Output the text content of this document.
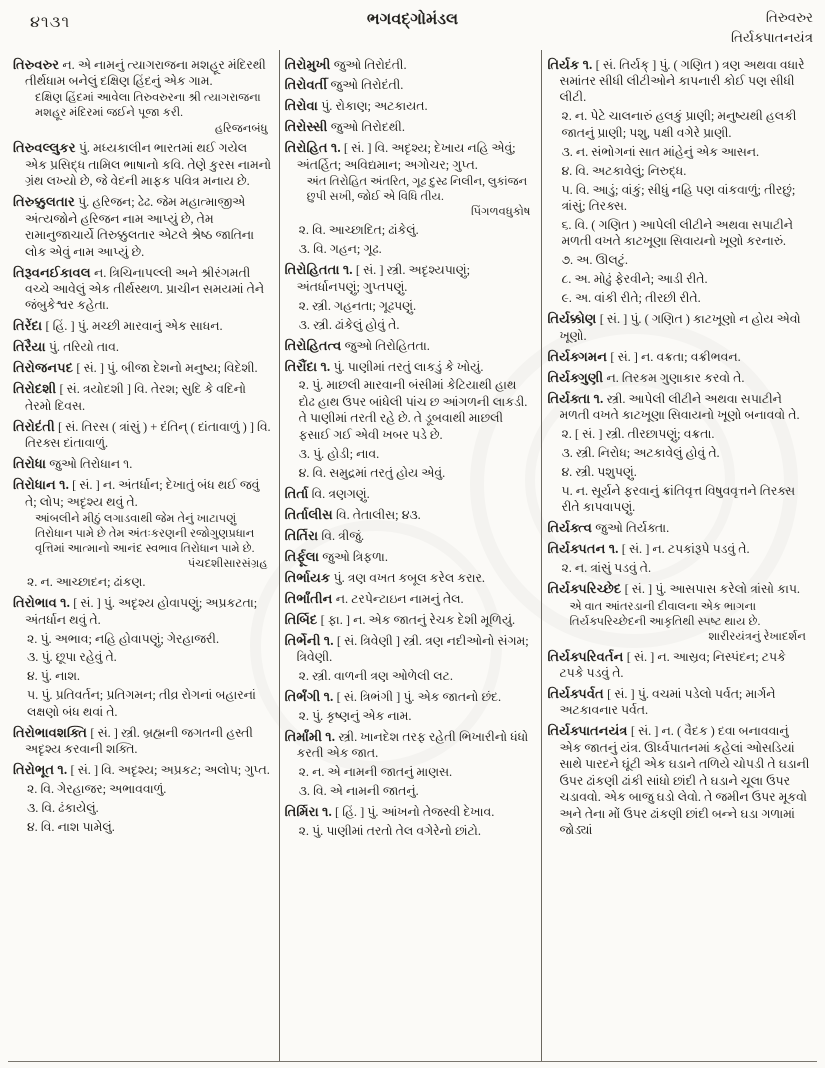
૪૧૩૧	ભગવદ્ગોમંડલ	તિરુવરુર
તિર્યક્પાતનયંત્ર

તિરુવરુર ન. એ નામનું ત્યાગરાજના મશહૂર મંદિરથી તીર્થધામ બનેલું દક્ષિણ હિંદનું એક ગામ.

દક્ષિણ હિંદમાં આવેલા તિરુવરુરના શ્રી ત્યાગરાજના મશહૂર મંદિરમાં જઈને પૂજા કરી.

હરિજનબંધુ

તિરુવલ્લુકર પું. મધ્યકાલીન ભારતમાં થઈ ગયેલ એક પ્રસિદ્ધ તામિલ ભાષાનો કવિ. તેણે કુરસ નામનો ગ્રંથ લખ્યો છે, જે વેદની માફક પવિત્ર મનાય છે.

તિરુક્કુલતાર પું. હરિજન; ઢેઢ. જેમ મહાત્માજીએ અંત્યજોને હરિજન નામ આપ્યું છે, તેમ રામાનુજાચાર્યે તિરુક્કુલતાર એટલે શ્રેષ્ઠ જાતિના લોક એવું નામ આપ્યું છે.

તિરૂવનઈકાવલ ન. ત્રિચિનાપલ્લી અને શ્રીરંગમતી વચ્ચે આવેલું એક તીર્થસ્થળ. પ્રાચીન સમયમાં તેને જંબુકેશ્વર કહેતા.

તિરેંદા [ હિં. ] પું. મચ્છી મારવાનું એક સાધન.

તિરૈયા પું. તરિયો તાવ.

તિરોજનપદ [ સં. ] પું. બીજા દેશનો મનુષ્ય; વિદેશી.

તિરોદશી [ સં. ત્રયોદશી ] વિ. તેરશ; સુદિ કે વદિનો તેરમો દિવસ.

તિરોદંતી [ સં. તિરસ ( ત્રાંસું ) + દંતિન્ ( દાંતાવાળું ) ] વિ. તિરક્સ દાંતાવાળું.

તિરોધા જુઓ તિરોધાન ૧.

તિરોધાન ૧. [ સં. ] ન. અંતર્ધાન; દેખાતું બંધ થઈ જવું તે; લોપ; અદૃશ્ય થવું તે.

આંબલીને મીઠું લગાડવાથી જેમ તેનું ખાટાપણું તિરોધાન પામે છે તેમ અંતઃકરણની રજોગુણપ્રધાન વૃત્તિમાં આત્માનો આનંદ સ્વભાવ તિરોધાન પામે છે.

પંચદશીસારસંગ્રહ

૨. ન. આચ્છાદન; ઢાંકણ.

તિરોભાવ ૧. [ સં. ] પું. અદૃશ્ય હોવાપણું; અપ્રકટતા; અંતર્ધાન થવું તે.

૨. પું. અભાવ; નહિ હોવાપણું; ગેરહાજરી.

૩. પું. છૂપા રહેવું તે.

૪. પું. નાશ.

૫. પું. પ્રતિવર્તન; પ્રતિગમન; તીવ્ર રોગનાં બહારનાં લક્ષણો બંધ થવાં તે.

તિરોભાવશક્તિ [ સં. ] સ્ત્રી. બ્રહ્મની જગતની હસ્તી અદૃશ્ય કરવાની શક્તિ.

તિરોભૂત ૧. [ સં. ] વિ. અદૃશ્ય; અપ્રકટ; અલોપ; ગુપ્ત.

૨. વિ. ગેરહાજર; અભાવવાળું.

૩. વિ. ઢંકાયેલું.

૪. વિ. નાશ પામેલું.

તિરોમુખી જુઓ તિરોદંતી.

તિરોવર્તી જુઓ તિરોદંતી.

તિરોવા પું. રોકાણ; અટકાયત.

તિરોસ્સી જુઓ તિરોદથી.

તિરોહિત ૧. [ સં. ] વિ. અદૃશ્ય; દેખાય નહિ એવું; અંતર્હિત; અવિદ્યમાન; અગોચર; ગુપ્ત.

અંત તિરોહિત અંતરિત, ગૂઢ દુસ્ઢ નિલીન, લુકાંજન છુપી સખી, જોઈ એ વિધિ તીય.

પિંગળવધુકોષ

૨. વિ. આચ્છાદિત; ઢાંકેલું.

૩. વિ. ગહન; ગૂઢ.

તિરોહિતતા ૧. [ સં. ] સ્ત્રી. અદૃશ્યપાણું; અંતર્ધાનપણું; ગુપ્તપણું.

૨. સ્ત્રી. ગહનતા; ગૂઢપણું.

૩. સ્ત્રી. ઢાંકેલું હોવું તે.

તિરોહિતત્વ જુઓ તિરોહિતતા.

તિરૌંદા ૧. પું. પાણીમાં તરતું લાકડું કે ખોયું.

૨. પું. માછલી મારવાની બંસીમાં કેટિયાથી હાથ દોઢ હાથ ઉપર બાંધેલી પાંચ છ આંગળની લાકડી. તે પાણીમાં તરતી રહે છે. તે ડૂબવાથી માછલી ફસાઈ ગઈ એવી ખબર પડે છે.

૩. પું. હોડી; નાવ.

૪. વિ. સમુદ્રમાં તરતું હોય એવું.

તિર્તા વિ. ત્રણગણું.

તિર્તાલીસ વિ. તેતાલીસ; ૪૩.

તિર્તિરા વિ. ત્રીજું.

તિર્ફૂલા જુઓ ત્રિફળા.

તિર્ભાયક પું. ત્રણ વખત કબૂલ કરેલ કરાર.

તિર્ભાંતીન ન. ટરપેન્ટાઇન નામનું તેલ.

તિર્બિદ [ ફા. ] ન. એક જાતનું રેચક દેશી મૂળિયું.

તિર્ભેની ૧. [ સં. ત્રિવેણી ] સ્ત્રી. ત્રણ નદીઓનો સંગમ; ત્રિવેણી.

૨. સ્ત્રી. વાળની ત્રણ ઓળેલી લટ.

તિર્ભંગી ૧. [ સં. ત્રિભંગી ] પું. એક જાતનો છંદ.

૨. પું. કૃષ્ણનું એક નામ.

તિર્માંમી ૧. સ્ત્રી. ખાનદેશ તરફ રહેતી ભિખારીનો ધંધો કરતી એક જાત.

૨. ન. એ નામની જાતનું માણસ.

૩. વિ. એ નામની જાતનું.

તિર્મિરા ૧. [ હિં. ] પું. આંખનો તેજસ્વી દેખાવ.

૨. પું. પાણીમાં તરતો તેલ વગેરેનો છાંટો.

તિર્યક ૧. [ સં. તિર્યક્ ] પું. ( ગણિત ) ત્રણ અથવા વધારે સમાંતર સીધી લીટીઓને કાપનારી કોઈ પણ સીધી લીટી.

૨. ન. પેટે ચાલનારું હલકું પ્રાણી; મનુષ્યથી હલકી જાતનું પ્રાણી; પશુ, પક્ષી વગેરે પ્રાણી.

૩. ન. સંભોગનાં સાત માંહેનું એક આસન.

૪. વિ. અટકાવેલું; નિરુદ્ધ.

૫. વિ. આડું; વાંકું; સીધું નહિ પણ વાંકવાળું; તીરછું; ત્રાંસું; તિરક્સ.

૬. વિ. ( ગણિત ) આપેલી લીટીને અથવા સપાટીને મળતી વખતે કાટખૂણા સિવાયનો ખૂણો કરનારું.

૭. અ. ઊલટું.

૮. અ. મોઢું ફેરવીને; આડી રીતે.

૯. અ. વાંકી રીતે; તીરછી રીતે.

તિર્યક્કોણ [ સં. ] પું. ( ગણિત ) કાટખૂણો ન હોય એવો ખૂણો.

તિર્યક્ગમન [ સં. ] ન. વક્રતા; વક્રીભવન.

તિર્યક્ગુણી ન. તિરકમ ગુણાકાર કરવો તે.

તિર્યક્તા ૧. સ્ત્રી. આપેલી લીટીને અથવા સપાટીને મળતી વખતે કાટખૂણા સિવાયનો ખૂણો બનાવવો તે.

૨. [ સં. ] સ્ત્રી. તીરછાપણું; વક્રતા.

૩. સ્ત્રી. નિરોધ; અટકાવેલું હોવું તે.

૪. સ્ત્રી. પશુપણું.

૫. ન. સૂર્યને ફરવાનું ક્રાંતિવૃત્ત વિષુવવૃત્તને તિરક્સ રીતે કાપવાપણું.

તિર્યક્ત્વ જુઓ તિર્યક્તા.

તિર્યક્પતન ૧. [ સં. ] ન. ટપકાંરૂપે પડવું તે.

૨. ન. ત્રાંસું પડવું તે.

તિર્યક્પરિચ્છેદ [ સં. ] પું. આસપાસ કરેલો ત્રાંસો કાપ.

એ વાત આંતરડાની દીવાલના એક ભાગના તિર્યક્પરિચ્છેદની આકૃતિથી સ્પષ્ટ થાય છે.

શારીરયંત્રનું રેખાદર્શન

તિર્યક્પરિવર્તન [ સં. ] ન. આસ્રવ; નિસ્પંદન; ટપકે ટપકે પડવું તે.

તિર્યક્પર્વત [ સં. ] પું. વચમાં પડેલો પર્વત; માર્ગને અટકાવનાર પર્વત.

તિર્યક્પાતનયંત્ર [ સં. ] ન. ( વૈદક ) દવા બનાવવાનું એક જાતનું યંત્ર. ઊર્ધ્વપાતનમાં કહેલાં ઓસડિયાં સાથે પારદને ઘૂંટી એક ઘડાને તળિયે ચોપડી તે ઘડાની ઉપર ઢાંકણી ઢાંકી સાંધો છાંદી તે ઘડાને ચૂલા ઉપર ચડાવવો. એક બાજુ ઘડો લેવો. તે જમીન ઉપર મૂકવો અને તેના મોં ઉપર ઢાંકણી છાંદી બન્ને ઘડા ગળામાં જોડ્યાં
